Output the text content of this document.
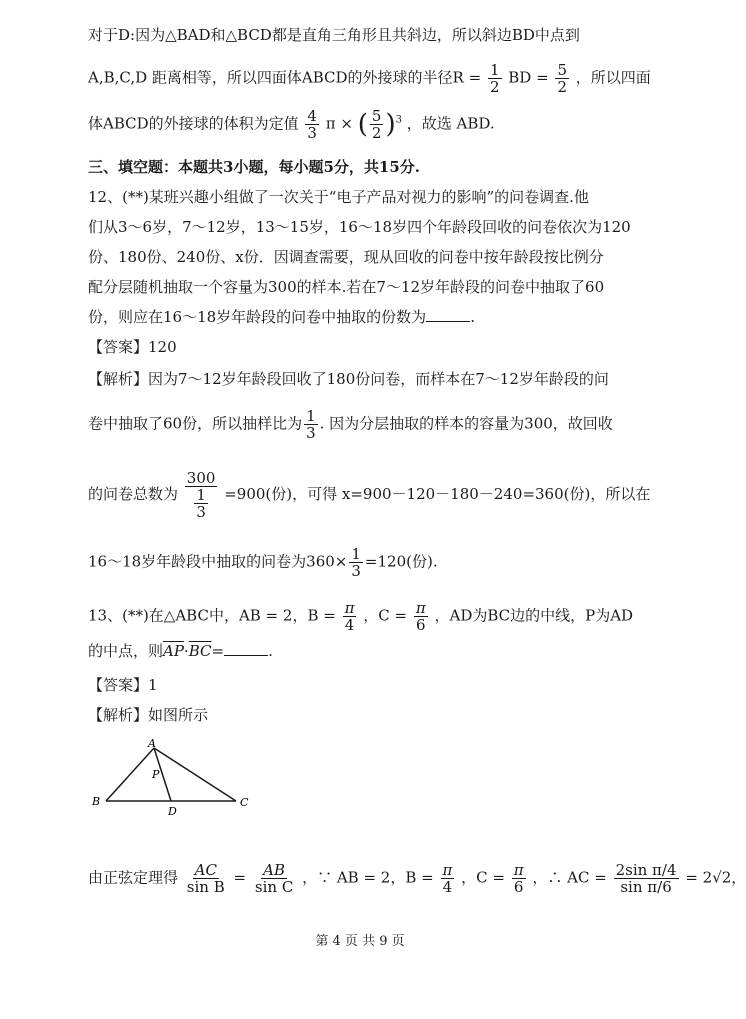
对于D:因为△BAD和△BCD都是直角三角形且共斜边，所以斜边BD中点到
A,B,C,D 距离相等，所以四面体ABCD的外接球的半径$R = \frac{1}{2}$ BD = $\frac{5}{2}$ ，所以四面
体ABCD的外接球的体积为定值 $\frac{4}{3}$ π × ( $\frac{5}{2} )^3$ ，故选 ABD.
三、填空题：本题共3小题，每小题5分，共15分.
12、(**)某班兴趣小组做了一次关于“电子产品对视力的影响”的问卷调查.他
们从3～6岁，7～12岁，13～15岁，16～18岁四个年龄段回收的问卷依次为120
份、180份、240份、x份．因调查需要，现从回收的问卷中按年龄段按比例分
配分层随机抽取一个容量为300的样本.若在7～12岁年龄段的问卷中抽取了60
份，则应在16～18岁年龄段的问卷中抽取的份数为	.
【答案】120
【解析】因为7～12岁年龄段回收了180份问卷，而样本在7～12岁年龄段的问
卷中抽取了60份，所以抽样比为 $\frac{1}{3}$ . 因为分层抽取的样本的容量为300，故回收
的问卷总数为 $\frac{300}{\frac{1}{3}} =900$(份)，可得 x=900－120－180－240=360(份)，所以在
16～18岁年龄段中抽取的问卷为$360\times \frac{1}{3} =120$(份).
13、(**)在△ABC中，AB = 2，$B = \frac{\pi}{4}$ ，$C = \frac{\pi}{6}$ ，AD为BC边的中线，P为AD
的中点，则$\overline{AP}\cdot\overline{BC}=$	.
【答案】1
【解析】如图所示
A
B	C
D
P
由正弦定理得 $\frac{AC}{\text{sin B}} = \frac{AB}{\text{sin C}}$ ，∵ AB = 2，$B = \frac{\pi}{4}$ ，$C = \frac{\pi}{6}$ ，∴ AC = $\frac{\text{2sin π/4}}{\text{sin π/6}} = 2√2$，
第 4 页 共 9 页
